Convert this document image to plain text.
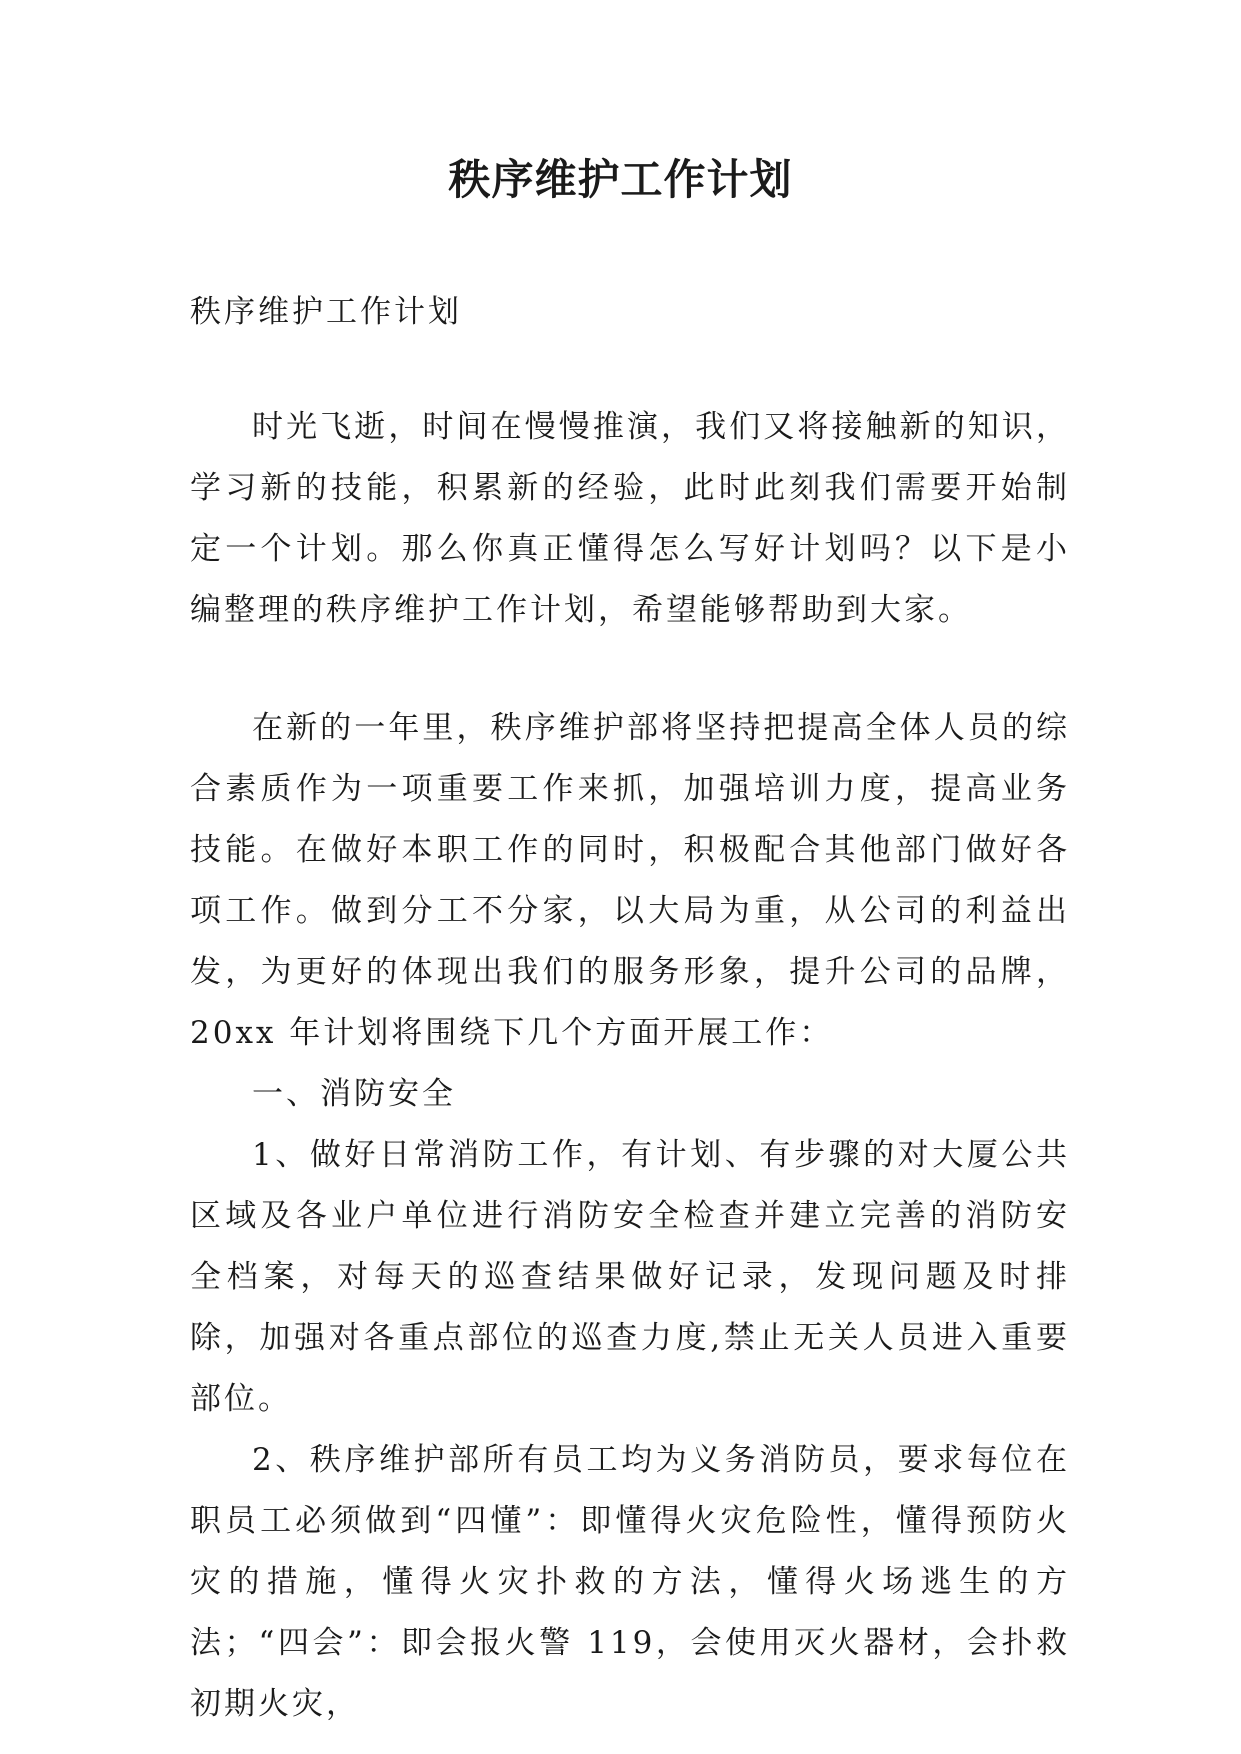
秩序维护工作计划

秩序维护工作计划

时光飞逝，时间在慢慢推演，我们又将接触新的知识，学习新的技能，积累新的经验，此时此刻我们需要开始制定一个计划。那么你真正懂得怎么写好计划吗？以下是小编整理的秩序维护工作计划，希望能够帮助到大家。

在新的一年里，秩序维护部将坚持把提高全体人员的综合素质作为一项重要工作来抓，加强培训力度，提高业务技能。在做好本职工作的同时，积极配合其他部门做好各项工作。做到分工不分家，以大局为重，从公司的利益出发，为更好的体现出我们的服务形象，提升公司的品牌，20xx 年计划将围绕下几个方面开展工作：

一、消防安全

1、做好日常消防工作，有计划、有步骤的对大厦公共区域及各业户单位进行消防安全检查并建立完善的消防安全档案，对每天的巡查结果做好记录，发现问题及时排除，加强对各重点部位的巡查力度,禁止无关人员进入重要部位。

2、秩序维护部所有员工均为义务消防员，要求每位在职员工必须做到“四懂”：即懂得火灾危险性，懂得预防火灾的措施，懂得火灾扑救的方法，懂得火场逃生的方法；“四会”：即会报火警 119，会使用灭火器材，会扑救初期火灾，
